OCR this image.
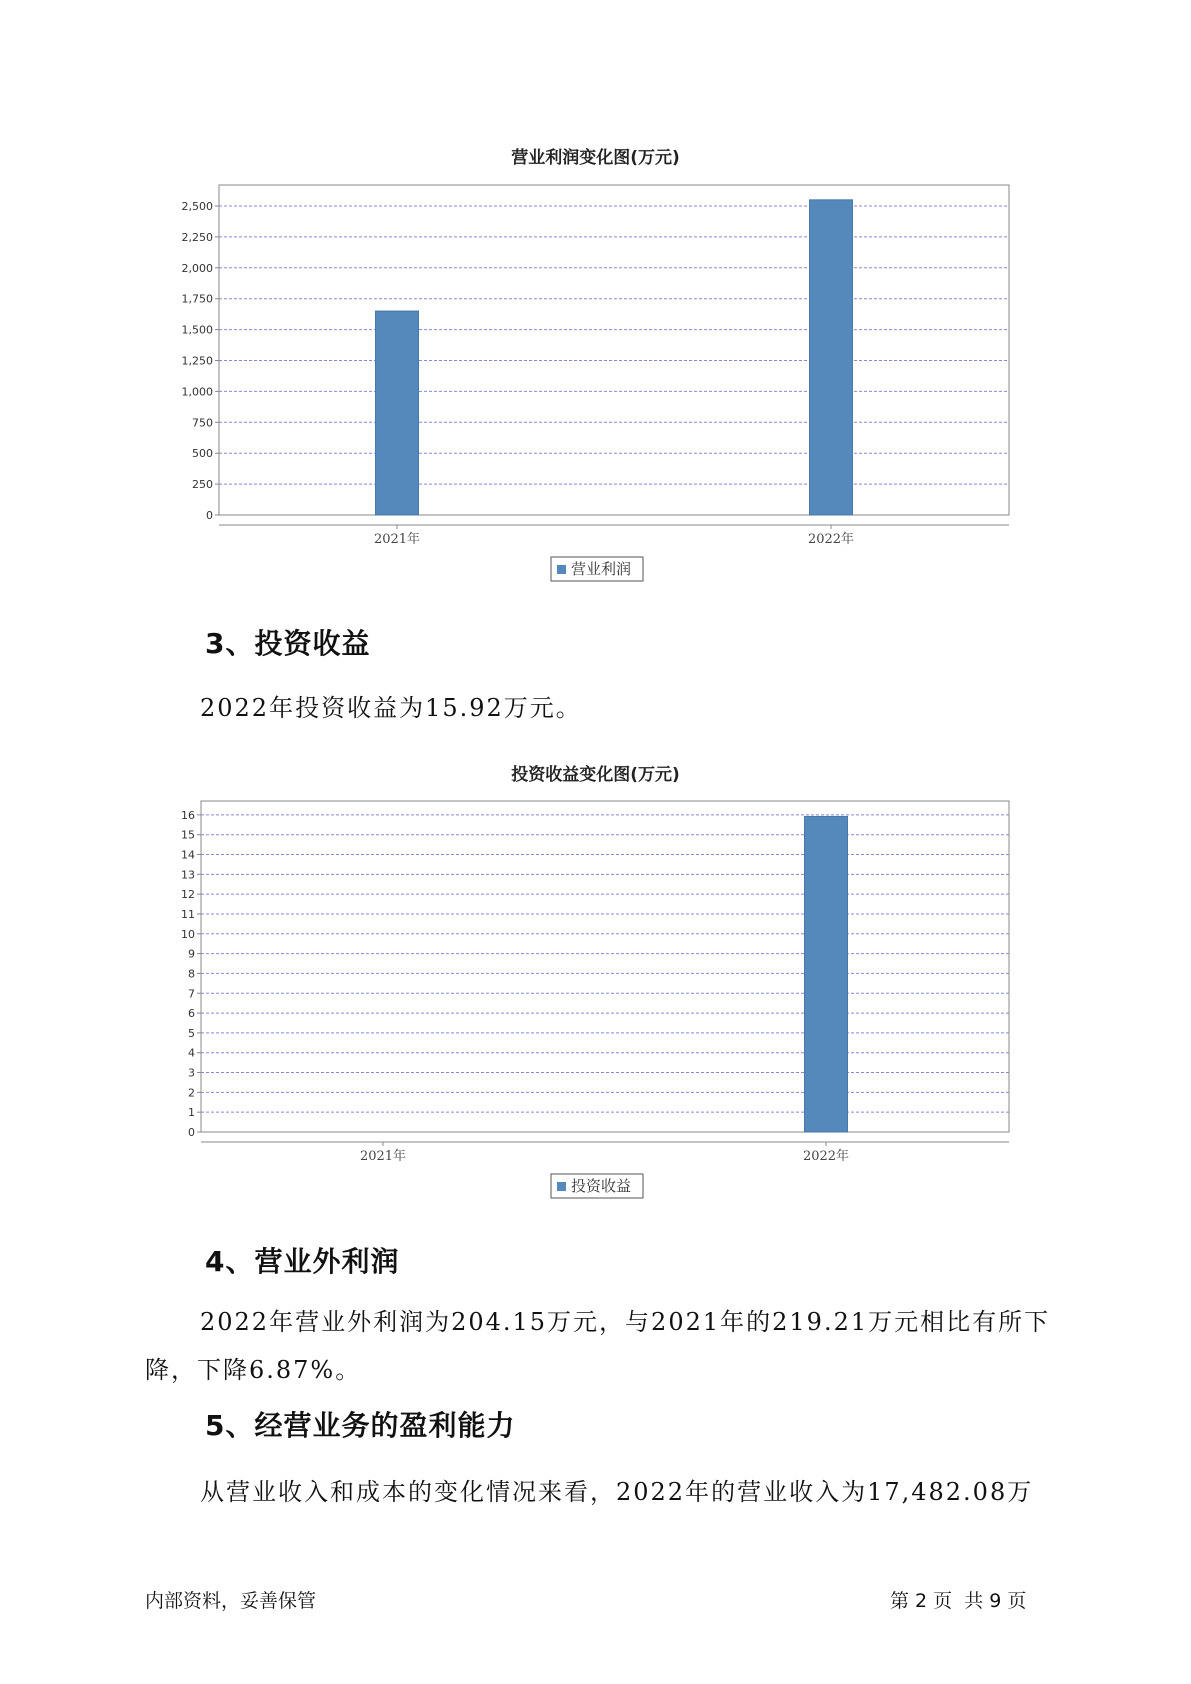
营业利润变化图(万元)
0
250
500
750
1,000
1,250
1,500
1,750
2,000
2,250
2,500
2021年	2022年
营业利润
3、投资收益
2022年投资收益为15.92万元。
投资收益变化图(万元)
0
1
2
3
4
5
6
7
8
9
10
11
12
13
14
15
16
2021年	2022年
投资收益
4、营业外利润
2022年营业外利润为204.15万元，与2021年的219.21万元相比有所下
降，下降6.87%。
5、经营业务的盈利能力
从营业收入和成本的变化情况来看，2022年的营业收入为17,482.08万
内部资料，妥善保管	第 2 页  共 9 页
